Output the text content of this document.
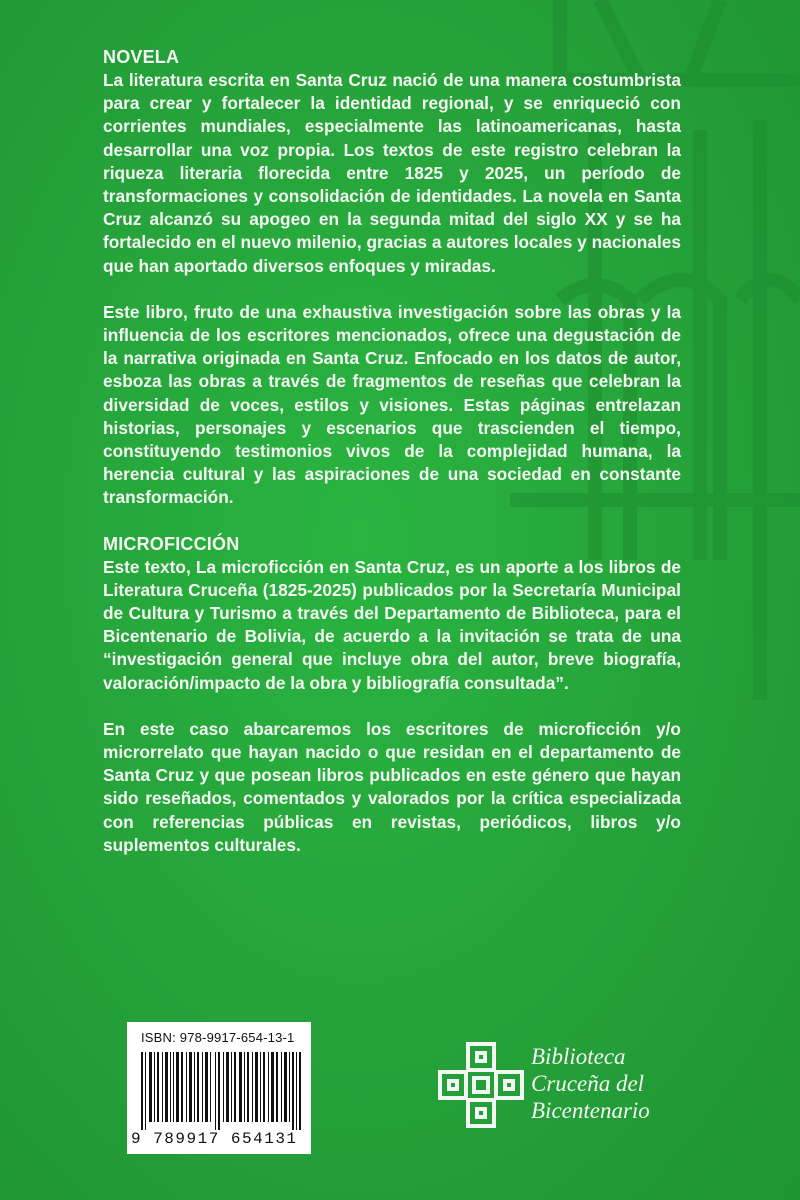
NOVELA

La literatura escrita en Santa Cruz nació de una manera costumbrista para crear y fortalecer la identidad regional, y se enriqueció con corrientes mundiales, especialmente las latinoamericanas, hasta desarrollar una voz propia. Los textos de este registro celebran la riqueza literaria florecida entre 1825 y 2025, un período de transformaciones y consolidación de identidades. La novela en Santa Cruz alcanzó su apogeo en la segunda mitad del siglo XX y se ha fortalecido en el nuevo milenio, gracias a autores locales y nacionales que han aportado diversos enfoques y miradas.

Este libro, fruto de una exhaustiva investigación sobre las obras y la influencia de los escritores mencionados, ofrece una degustación de la narrativa originada en Santa Cruz. Enfocado en los datos de autor, esboza las obras a través de fragmentos de reseñas que celebran la diversidad de voces, estilos y visiones. Estas páginas entrelazan historias, personajes y escenarios que trascienden el tiempo, constituyendo testimonios vivos de la complejidad humana, la herencia cultural y las aspiraciones de una sociedad en constante transformación.

MICROFICCIÓN

Este texto, La microficción en Santa Cruz, es un aporte a los libros de Literatura Cruceña (1825-2025) publicados por la Secretaría Municipal de Cultura y Turismo a través del Departamento de Biblioteca, para el Bicentenario de Bolivia, de acuerdo a la invitación se trata de una “investigación general que incluye obra del autor, breve biografía, valoración/impacto de la obra y bibliografía consultada”.

En este caso abarcaremos los escritores de microficción y/o microrrelato que hayan nacido o que residan en el departamento de Santa Cruz y que posean libros publicados en este género que hayan sido reseñados, comentados y valorados por la crítica especializada con referencias públicas en revistas, periódicos, libros y/o suplementos culturales.

ISBN: 978-9917-654-13-1
9 789917 654131
Biblioteca
Cruceña del
Bicentenario
